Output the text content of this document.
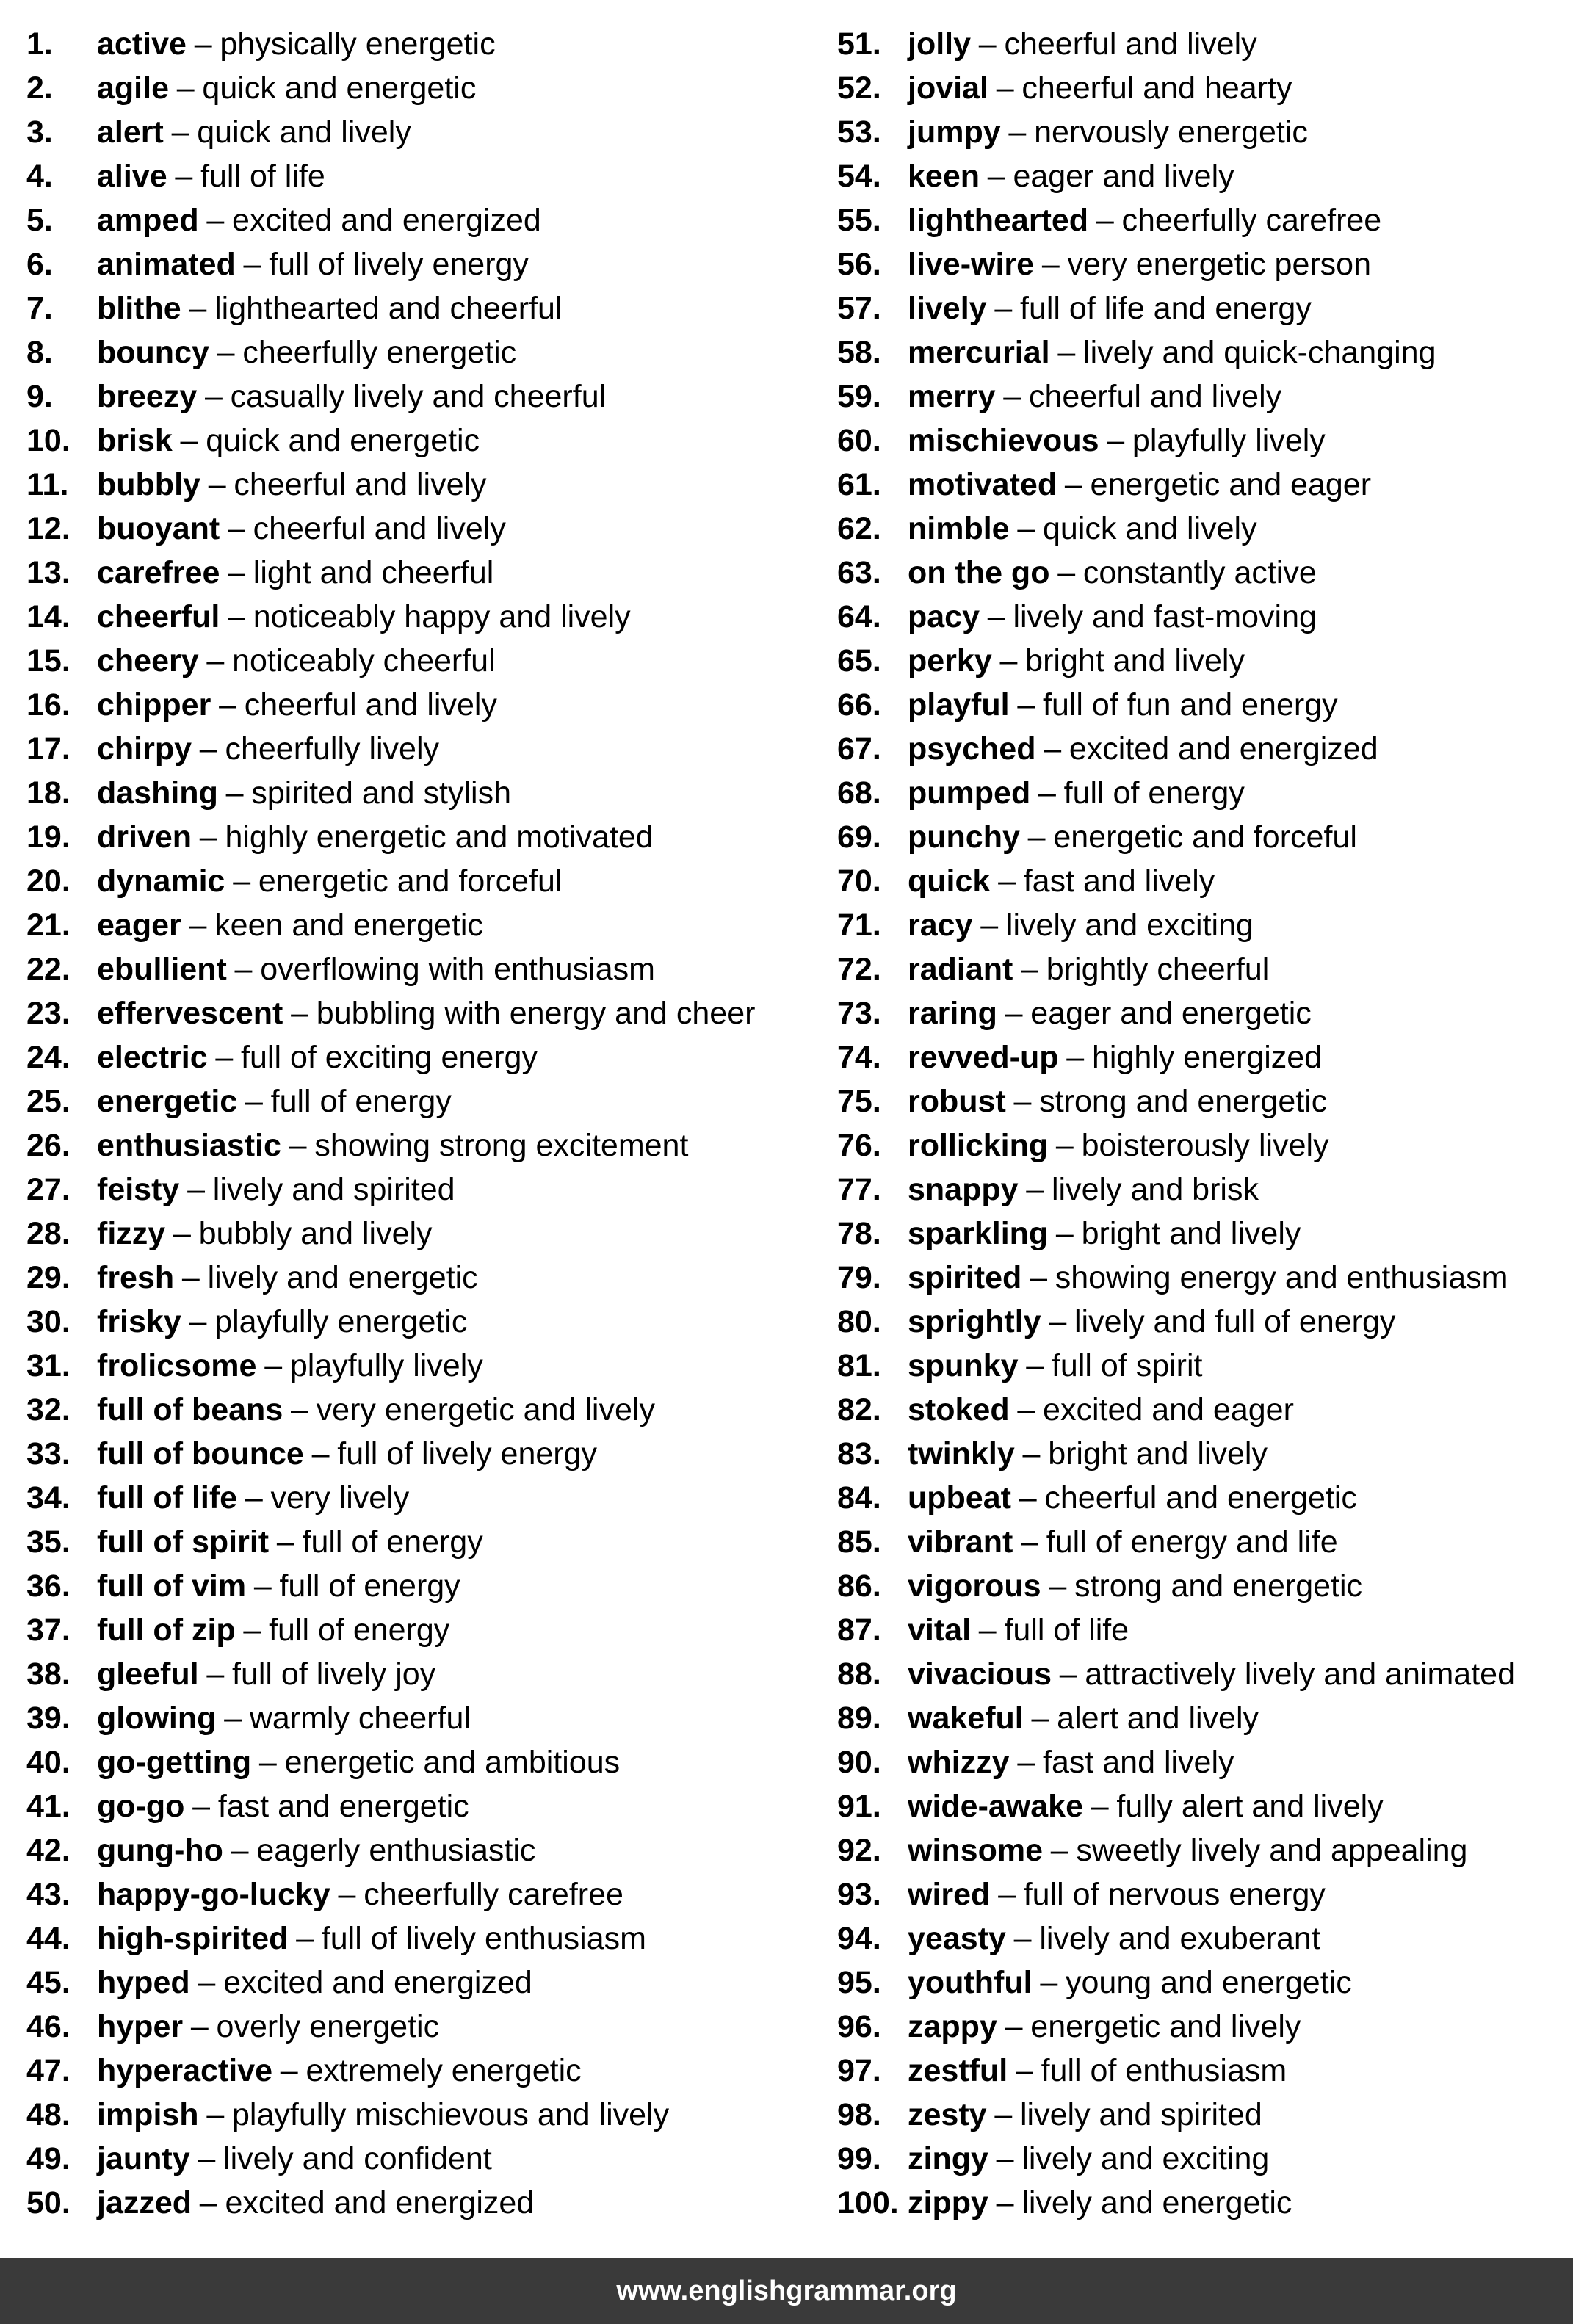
1.	active – physically energetic
2.	agile – quick and energetic
3.	alert – quick and lively
4.	alive – full of life
5.	amped – excited and energized
6.	animated – full of lively energy
7.	blithe – lighthearted and cheerful
8.	bouncy – cheerfully energetic
9.	breezy – casually lively and cheerful
10. brisk – quick and energetic
11. bubbly – cheerful and lively
12. buoyant – cheerful and lively
13. carefree – light and cheerful
14. cheerful – noticeably happy and lively
15. cheery – noticeably cheerful
16. chipper – cheerful and lively
17. chirpy – cheerfully lively
18. dashing – spirited and stylish
19. driven – highly energetic and motivated
20. dynamic – energetic and forceful
21. eager – keen and energetic
22. ebullient – overflowing with enthusiasm
23. effervescent – bubbling with energy and cheer
24. electric – full of exciting energy
25. energetic – full of energy
26. enthusiastic – showing strong excitement
27. feisty – lively and spirited
28. fizzy – bubbly and lively
29. fresh – lively and energetic
30. frisky – playfully energetic
31. frolicsome – playfully lively
32. full of beans – very energetic and lively
33. full of bounce – full of lively energy
34. full of life – very lively
35. full of spirit – full of energy
36. full of vim – full of energy
37. full of zip – full of energy
38. gleeful – full of lively joy
39. glowing – warmly cheerful
40. go-getting – energetic and ambitious
41. go-go – fast and energetic
42. gung-ho – eagerly enthusiastic
43. happy-go-lucky – cheerfully carefree
44. high-spirited – full of lively enthusiasm
45. hyped – excited and energized
46. hyper – overly energetic
47. hyperactive – extremely energetic
48. impish – playfully mischievous and lively
49. jaunty – lively and confident
50. jazzed – excited and energized
51. jolly – cheerful and lively
52. jovial – cheerful and hearty
53. jumpy – nervously energetic
54. keen – eager and lively
55. lighthearted – cheerfully carefree
56. live-wire – very energetic person
57. lively – full of life and energy
58. mercurial – lively and quick-changing
59. merry – cheerful and lively
60. mischievous – playfully lively
61. motivated – energetic and eager
62. nimble – quick and lively
63. on the go – constantly active
64. pacy – lively and fast-moving
65. perky – bright and lively
66. playful – full of fun and energy
67. psyched – excited and energized
68. pumped – full of energy
69. punchy – energetic and forceful
70. quick – fast and lively
71. racy – lively and exciting
72. radiant – brightly cheerful
73. raring – eager and energetic
74. revved-up – highly energized
75. robust – strong and energetic
76. rollicking – boisterously lively
77. snappy – lively and brisk
78. sparkling – bright and lively
79. spirited – showing energy and enthusiasm
80. sprightly – lively and full of energy
81. spunky – full of spirit
82. stoked – excited and eager
83. twinkly – bright and lively
84. upbeat – cheerful and energetic
85. vibrant – full of energy and life
86. vigorous – strong and energetic
87. vital – full of life
88. vivacious – attractively lively and animated
89. wakeful – alert and lively
90. whizzy – fast and lively
91. wide-awake – fully alert and lively
92. winsome – sweetly lively and appealing
93. wired – full of nervous energy
94. yeasty – lively and exuberant
95. youthful – young and energetic
96. zappy – energetic and lively
97. zestful – full of enthusiasm
98. zesty – lively and spirited
99. zingy – lively and exciting
100. zippy – lively and energetic
www.englishgrammar.org
